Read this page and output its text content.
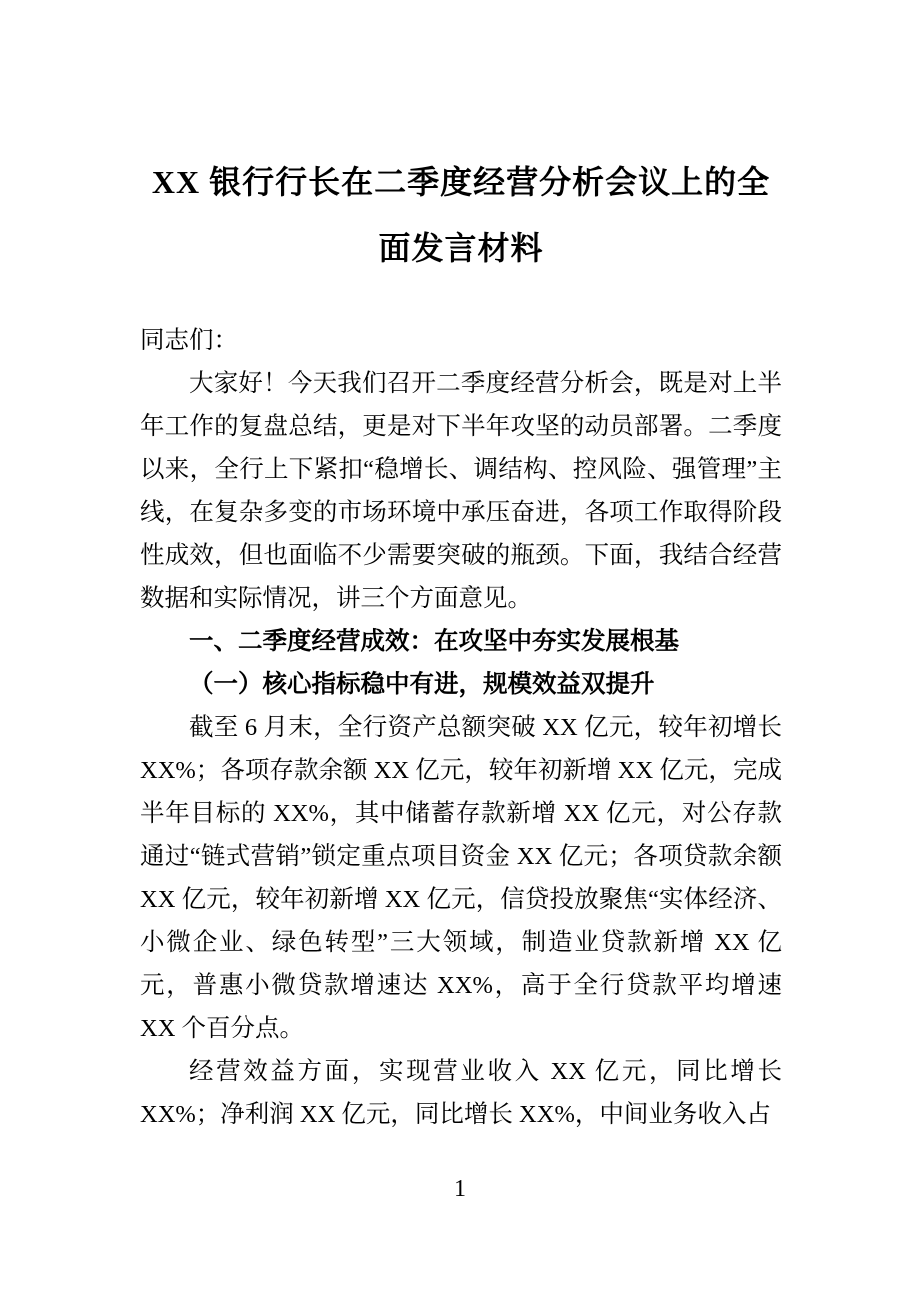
XX 银行行长在二季度经营分析会议上的全
面发言材料
同志们：
大家好！今天我们召开二季度经营分析会，既是对上半年工作的复盘总结，更是对下半年攻坚的动员部署。二季度以来，全行上下紧扣“稳增长、调结构、控风险、强管理”主线，在复杂多变的市场环境中承压奋进，各项工作取得阶段性成效，但也面临不少需要突破的瓶颈。下面，我结合经营数据和实际情况，讲三个方面意见。
一、二季度经营成效：在攻坚中夯实发展根基
（一）核心指标稳中有进，规模效益双提升
截至 6 月末，全行资产总额突破 XX 亿元，较年初增长 XX%；各项存款余额 XX 亿元，较年初新增 XX 亿元，完成半年目标的 XX%，其中储蓄存款新增 XX 亿元，对公存款通过“链式营销”锁定重点项目资金 XX 亿元；各项贷款余额 XX 亿元，较年初新增 XX 亿元，信贷投放聚焦“实体经济、小微企业、绿色转型”三大领域，制造业贷款新增 XX 亿元，普惠小微贷款增速达 XX%，高于全行贷款平均增速 XX 个百分点。
经营效益方面，实现营业收入 XX 亿元，同比增长 XX%；净利润 XX 亿元，同比增长 XX%，中间业务收入占
1
